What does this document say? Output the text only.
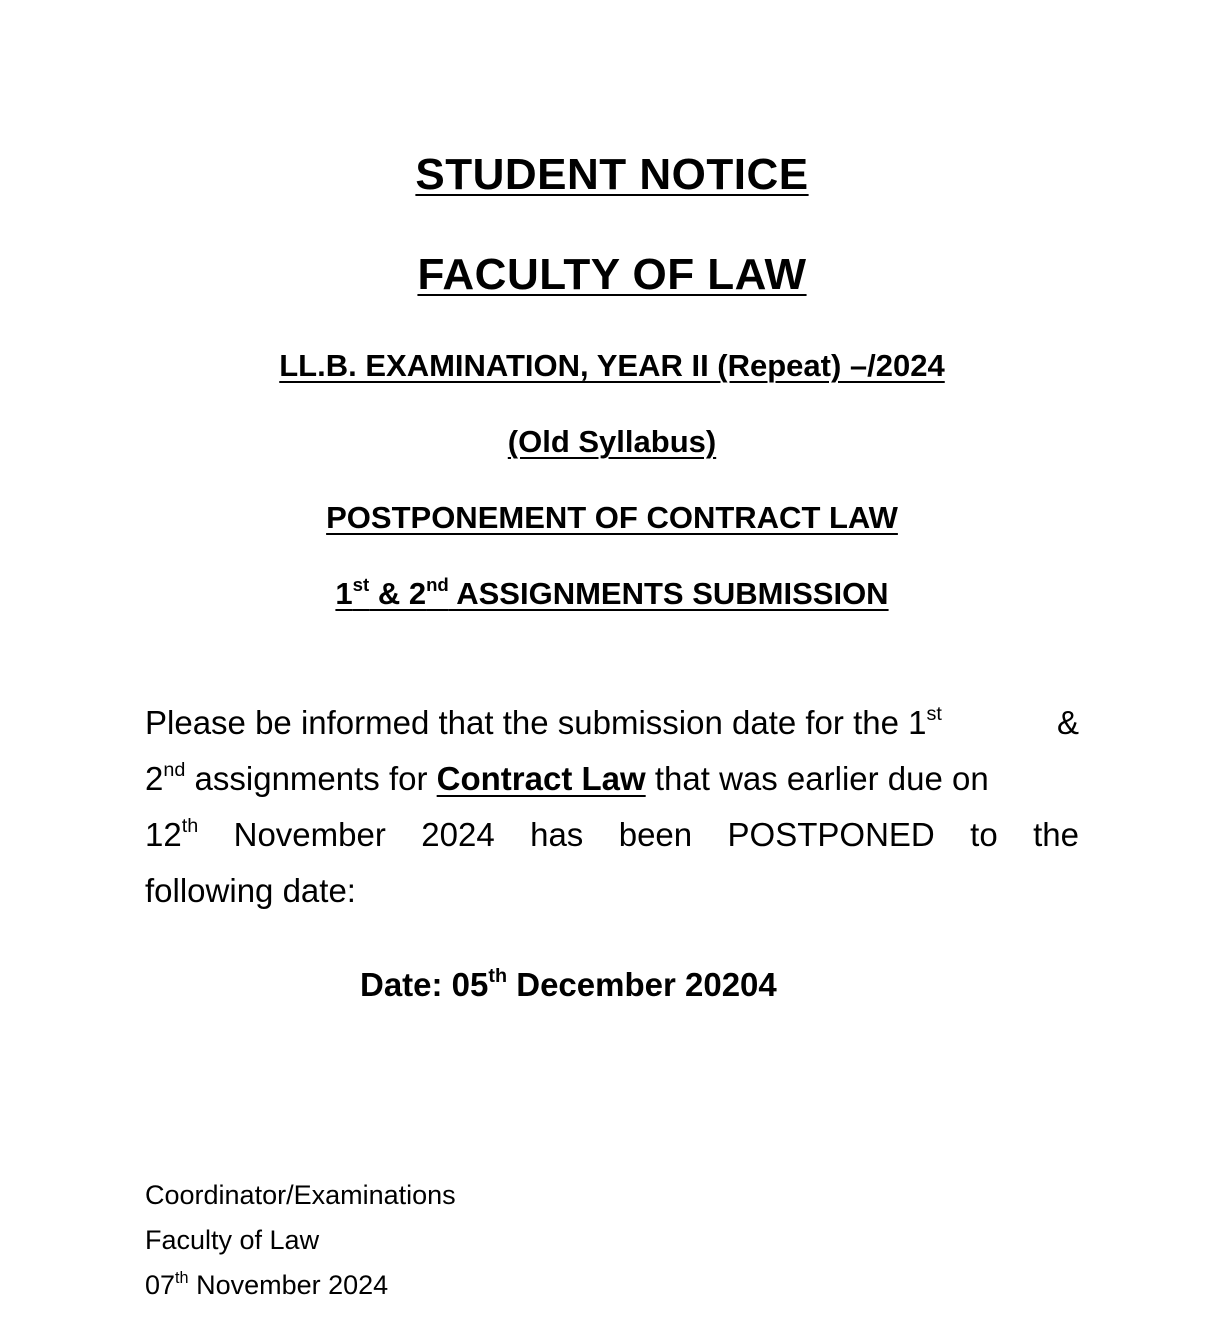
STUDENT NOTICE
FACULTY OF LAW
LL.B. EXAMINATION, YEAR II (Repeat) –/2024
(Old Syllabus)
POSTPONEMENT OF CONTRACT LAW
1st & 2nd ASSIGNMENTS SUBMISSION
Please be informed that the submission date for the 1st	&
2nd assignments for Contract Law that was earlier due on
12th November 2024 has been POSTPONED to the
following date:
Date: 05th December 20204
Coordinator/Examinations
Faculty of Law
07th November 2024
